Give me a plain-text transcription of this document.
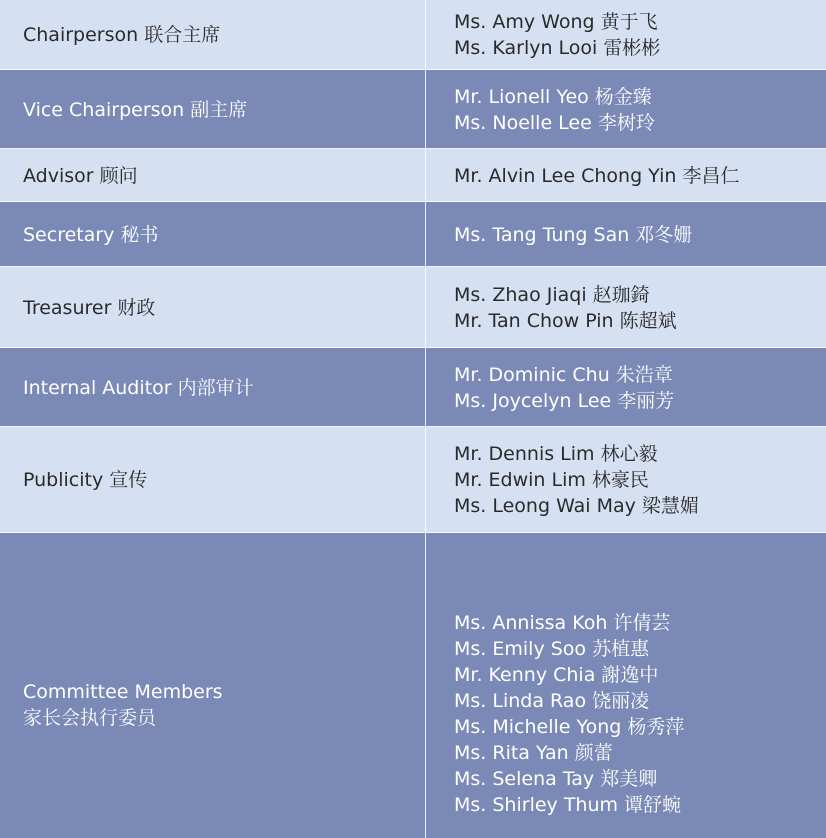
Chairperson 联合主席
Ms. Amy Wong 黄于飞
Ms. Karlyn Looi 雷彬彬
Vice Chairperson 副主席
Mr. Lionell Yeo 杨金臻
Ms. Noelle Lee 李树玲
Advisor 顾问	Mr. Alvin Lee Chong Yin 李昌仁
Secretary 秘书	Ms. Tang Tung San 邓冬姗
Treasurer 财政
Ms. Zhao Jiaqi 赵珈錡
Mr. Tan Chow Pin 陈超斌
Internal Auditor 内部审计
Mr. Dominic Chu 朱浩章
Ms. Joycelyn Lee 李丽芳
Publicity 宣传
Mr. Dennis Lim 林心毅
Mr. Edwin Lim 林豪民
Ms. Leong Wai May 梁慧媚
Committee Members
家长会执行委员
Ms. Annissa Koh 许倩芸
Ms. Emily Soo 苏植惠
Mr. Kenny Chia 謝逸中
Ms. Linda Rao 饶丽凌
Ms. Michelle Yong 杨秀萍
Ms. Rita Yan 颜蕾
Ms. Selena Tay 郑美卿
Ms. Shirley Thum 谭舒蜿
